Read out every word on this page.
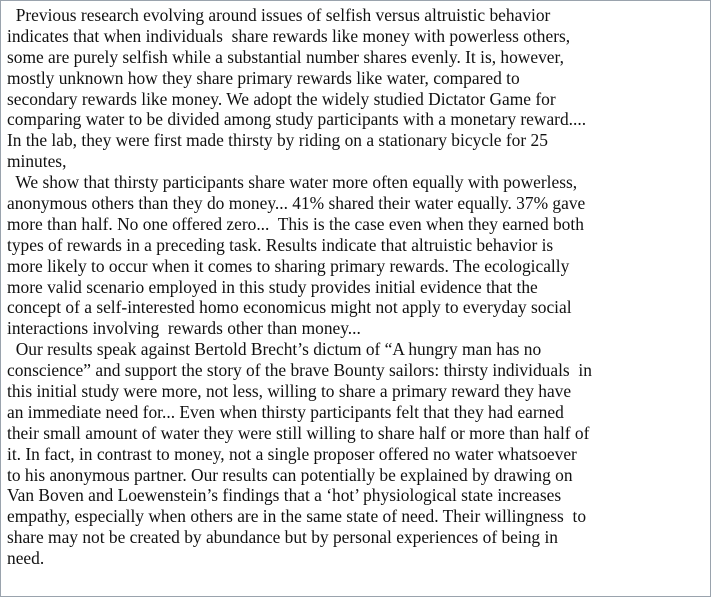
Previous research evolving around issues of selfish versus altruistic behavior
indicates that when individuals  share rewards like money with powerless others,
some are purely selfish while a substantial number shares evenly. It is, however,
mostly unknown how they share primary rewards like water, compared to
secondary rewards like money. We adopt the widely studied Dictator Game for
comparing water to be divided among study participants with a monetary reward....
In the lab, they were first made thirsty by riding on a stationary bicycle for 25
minutes,
We show that thirsty participants share water more often equally with powerless,
anonymous others than they do money... 41% shared their water equally. 37% gave
more than half. No one offered zero...  This is the case even when they earned both
types of rewards in a preceding task. Results indicate that altruistic behavior is
more likely to occur when it comes to sharing primary rewards. The ecologically
more valid scenario employed in this study provides initial evidence that the
concept of a self-interested homo economicus might not apply to everyday social
interactions involving  rewards other than money...
Our results speak against Bertold Brecht’s dictum of “A hungry man has no
conscience” and support the story of the brave Bounty sailors: thirsty individuals  in
this initial study were more, not less, willing to share a primary reward they have
an immediate need for... Even when thirsty participants felt that they had earned
their small amount of water they were still willing to share half or more than half of
it. In fact, in contrast to money, not a single proposer offered no water whatsoever
to his anonymous partner. Our results can potentially be explained by drawing on
Van Boven and Loewenstein’s findings that a ‘hot’ physiological state increases
empathy, especially when others are in the same state of need. Their willingness  to
share may not be created by abundance but by personal experiences of being in
need.
